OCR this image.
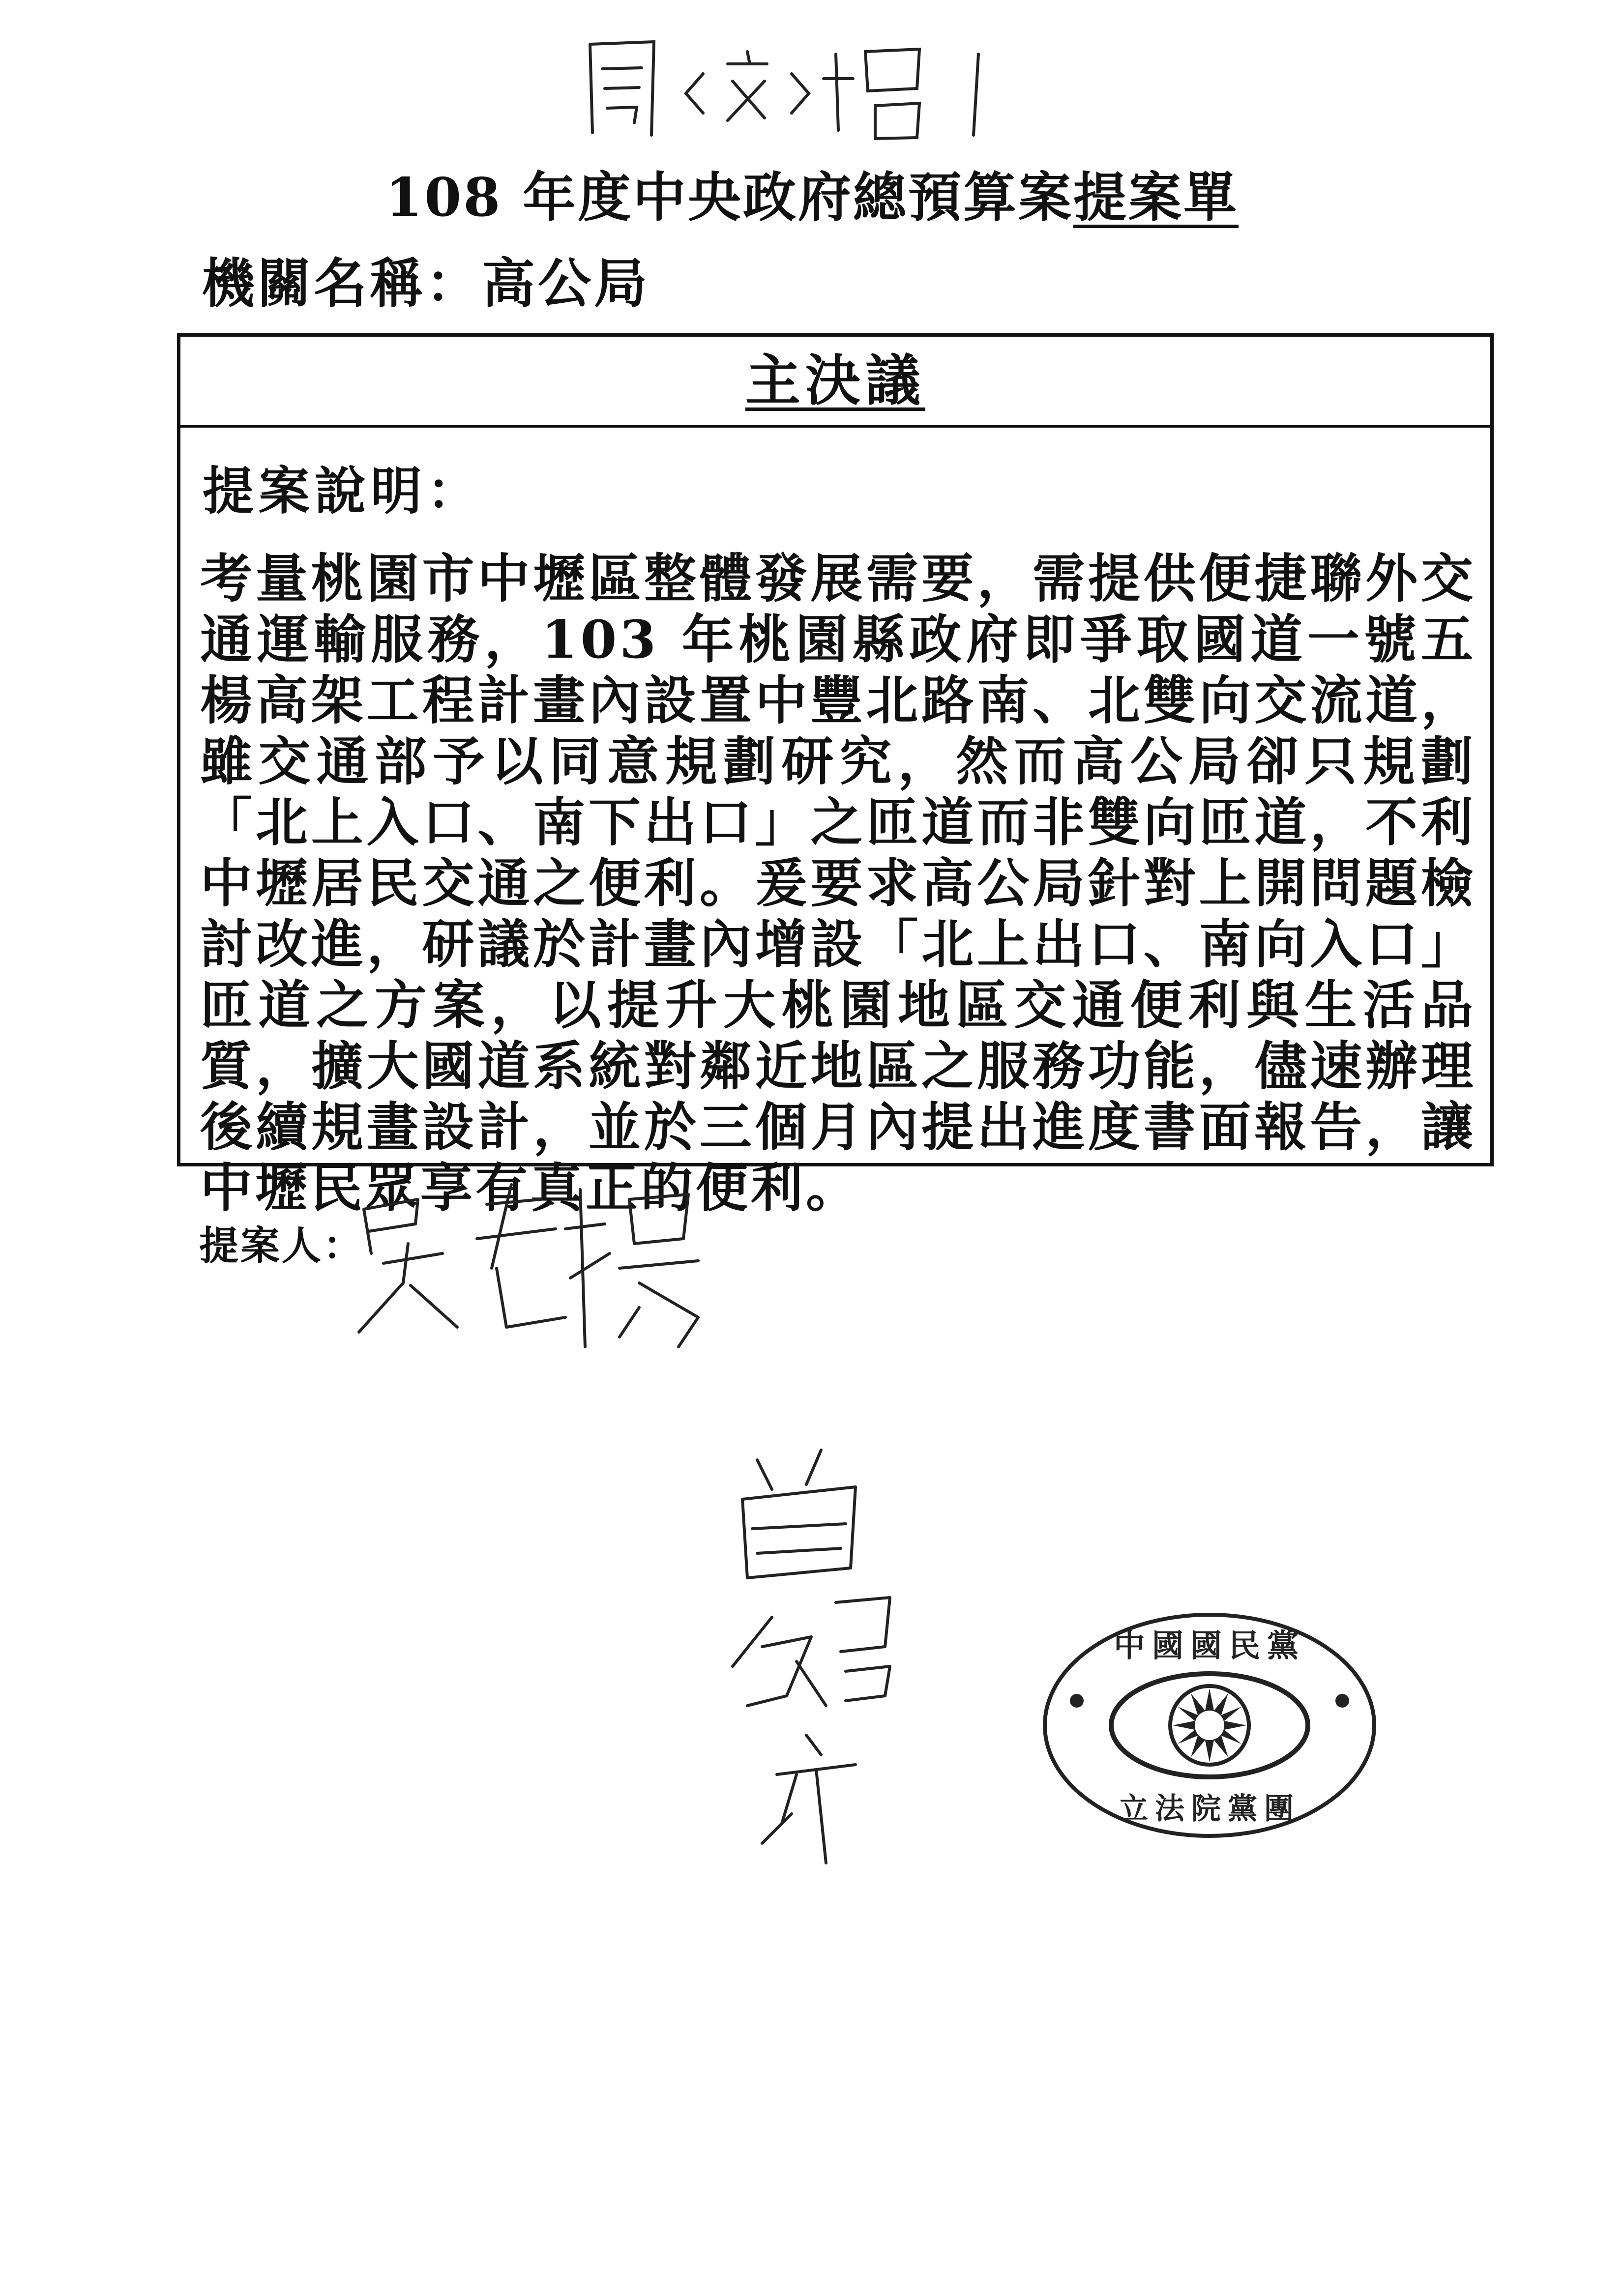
108 年度中央政府總預算案提案單
機關名稱：高公局
主決議
提案說明：
考量桃園市中壢區整體發展需要，需提供便捷聯外交通運輸服務，103 年桃園縣政府即爭取國道一號五楊高架工程計畫內設置中豐北路南、北雙向交流道，雖交通部予以同意規劃研究，然而高公局卻只規劃「北上入口、南下出口」之匝道而非雙向匝道，不利中壢居民交通之便利。爰要求高公局針對上開問題檢討改進，研議於計畫內增設「北上出口、南向入口」匝道之方案，以提升大桃園地區交通便利與生活品質，擴大國道系統對鄰近地區之服務功能，儘速辦理後續規畫設計，並於三個月內提出進度書面報告，讓中壢民眾享有真正的便利。
提案人：
中國國民黨
立法院黨團
